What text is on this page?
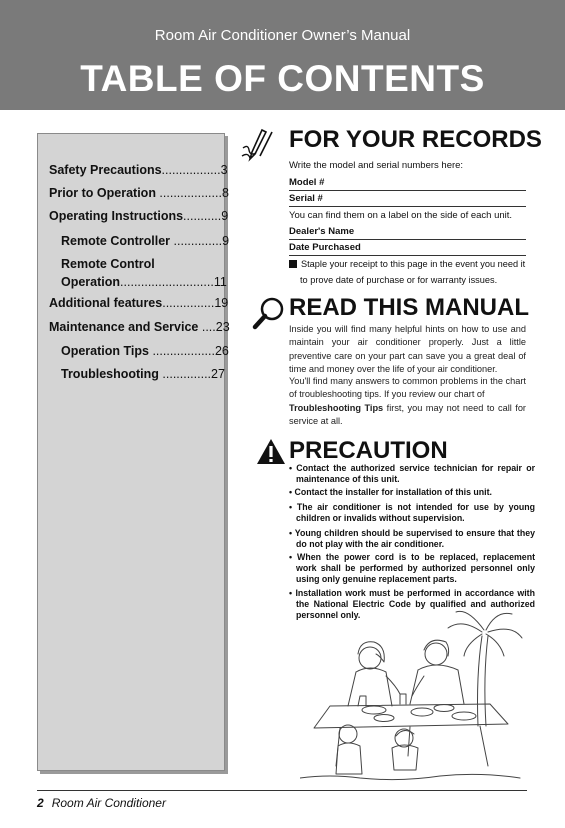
Room Air Conditioner Owner’s Manual
TABLE OF CONTENTS
Safety Precautions.................3
Prior to Operation ..................8
Operating Instructions...........9
Remote Controller ..............9
Remote Control
Operation...........................11
Additional features...............19
Maintenance and Service ....23
Operation Tips ..................26
Troubleshooting ..............27
FOR YOUR RECORDS
Write the model and serial numbers here:
Model #
Serial #
You can find them on a label on the side of each unit.
Dealer's Name
Date Purchased
Staple your receipt to this page in the event you need it
to prove date of purchase or for warranty issues.
READ THIS MANUAL
Inside you will find many helpful hints on how to use and maintain your air conditioner properly. Just a little preventive care on your part can save you a great deal of time and money over the life of your air conditioner.
You'll find many answers to common problems in the chart of troubleshooting tips. If you review our chart of
Troubleshooting Tips first, you may not need to call for service at all.
PRECAUTION
• Contact the authorized service technician for repair or maintenance of this unit.
• Contact the installer for installation of this unit.
• The air conditioner is not intended for use by young children or invalids without supervision.
• Young children should be supervised to ensure that they do not play with the air conditioner.
• When the power cord is to be replaced, replacement work shall be performed by authorized personnel only using only genuine replacement parts.
• Installation work must be performed in accordance with the National Electric Code by qualified and authorized personnel only.
2 Room Air Conditioner
